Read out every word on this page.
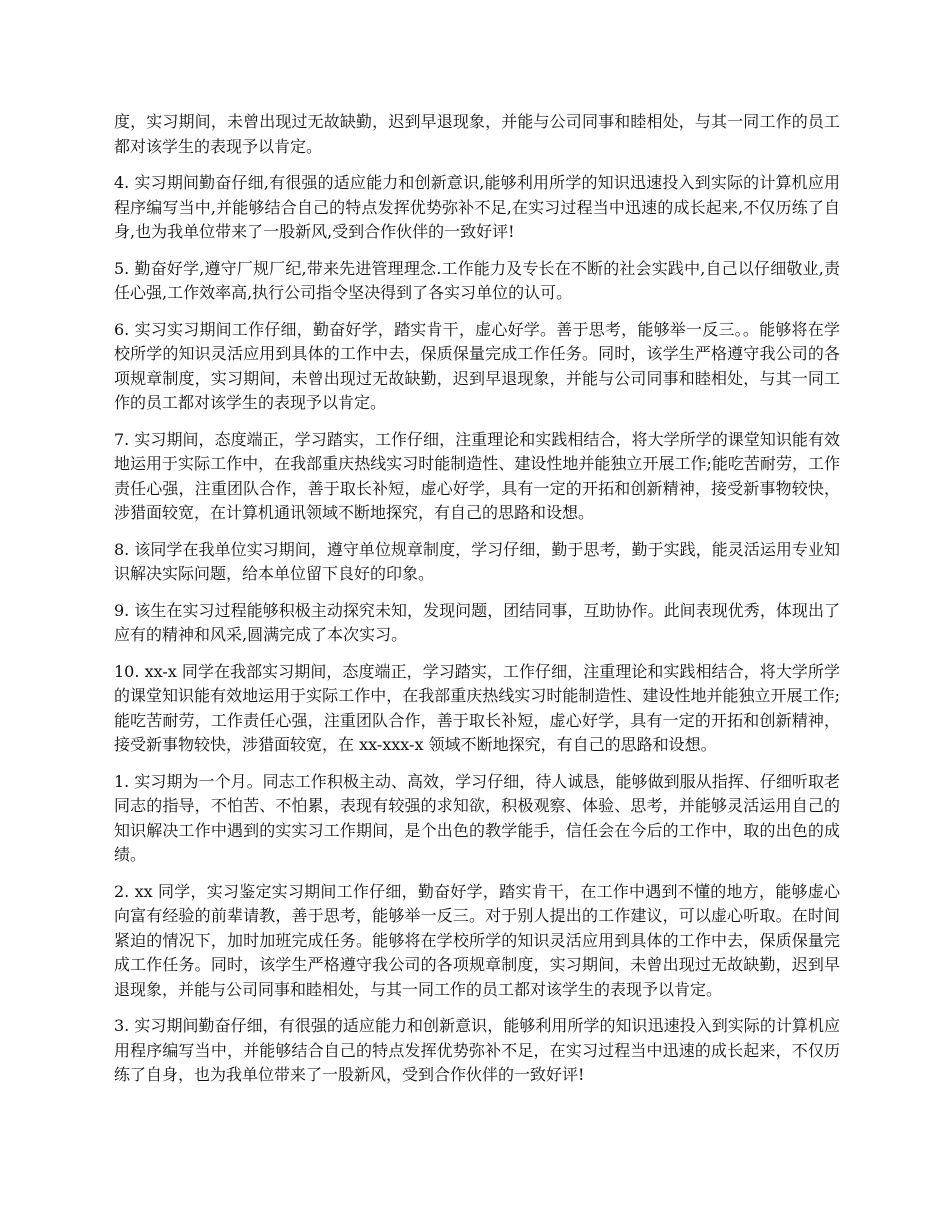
度，实习期间，未曾出现过无故缺勤，迟到早退现象，并能与公司同事和睦相处，与其一同工作的员工都对该学生的表现予以肯定。

4. 实习期间勤奋仔细,有很强的适应能力和创新意识,能够利用所学的知识迅速投入到实际的计算机应用程序编写当中,并能够结合自己的特点发挥优势弥补不足,在实习过程当中迅速的成长起来,不仅历练了自身,也为我单位带来了一股新风,受到合作伙伴的一致好评!

5. 勤奋好学,遵守厂规厂纪,带来先进管理理念.工作能力及专长在不断的社会实践中,自己以仔细敬业,责任心强,工作效率高,执行公司指令坚决得到了各实习单位的认可。

6. 实习实习期间工作仔细，勤奋好学，踏实肯干，虚心好学。善于思考，能够举一反三。。能够将在学校所学的知识灵活应用到具体的工作中去，保质保量完成工作任务。同时，该学生严格遵守我公司的各项规章制度，实习期间，未曾出现过无故缺勤，迟到早退现象，并能与公司同事和睦相处，与其一同工作的员工都对该学生的表现予以肯定。

7. 实习期间，态度端正，学习踏实，工作仔细，注重理论和实践相结合，将大学所学的课堂知识能有效地运用于实际工作中，在我部重庆热线实习时能制造性、建设性地并能独立开展工作;能吃苦耐劳，工作责任心强，注重团队合作，善于取长补短，虚心好学，具有一定的开拓和创新精神，接受新事物较快，涉猎面较宽，在计算机通讯领域不断地探究，有自己的思路和设想。

8. 该同学在我单位实习期间，遵守单位规章制度，学习仔细，勤于思考，勤于实践，能灵活运用专业知识解决实际问题，给本单位留下良好的印象。

9. 该生在实习过程能够积极主动探究未知，发现问题，团结同事，互助协作。此间表现优秀，体现出了应有的精神和风采,圆满完成了本次实习。

10. xx-x 同学在我部实习期间，态度端正，学习踏实，工作仔细，注重理论和实践相结合，将大学所学的课堂知识能有效地运用于实际工作中，在我部重庆热线实习时能制造性、建设性地并能独立开展工作;能吃苦耐劳，工作责任心强，注重团队合作，善于取长补短，虚心好学，具有一定的开拓和创新精神，接受新事物较快，涉猎面较宽，在 xx-xxx-x 领域不断地探究，有自己的思路和设想。

1. 实习期为一个月。同志工作积极主动、高效，学习仔细，待人诚恳，能够做到服从指挥、仔细听取老同志的指导，不怕苦、不怕累，表现有较强的求知欲，积极观察、体验、思考，并能够灵活运用自己的知识解决工作中遇到的实实习工作期间，是个出色的教学能手，信任会在今后的工作中，取的出色的成绩。

2. xx 同学，实习鉴定实习期间工作仔细，勤奋好学，踏实肯干，在工作中遇到不懂的地方，能够虚心向富有经验的前辈请教，善于思考，能够举一反三。对于别人提出的工作建议，可以虚心听取。在时间紧迫的情况下，加时加班完成任务。能够将在学校所学的知识灵活应用到具体的工作中去，保质保量完成工作任务。同时，该学生严格遵守我公司的各项规章制度，实习期间，未曾出现过无故缺勤，迟到早退现象，并能与公司同事和睦相处，与其一同工作的员工都对该学生的表现予以肯定。

3. 实习期间勤奋仔细，有很强的适应能力和创新意识，能够利用所学的知识迅速投入到实际的计算机应用程序编写当中，并能够结合自己的特点发挥优势弥补不足，在实习过程当中迅速的成长起来，不仅历练了自身，也为我单位带来了一股新风，受到合作伙伴的一致好评!
